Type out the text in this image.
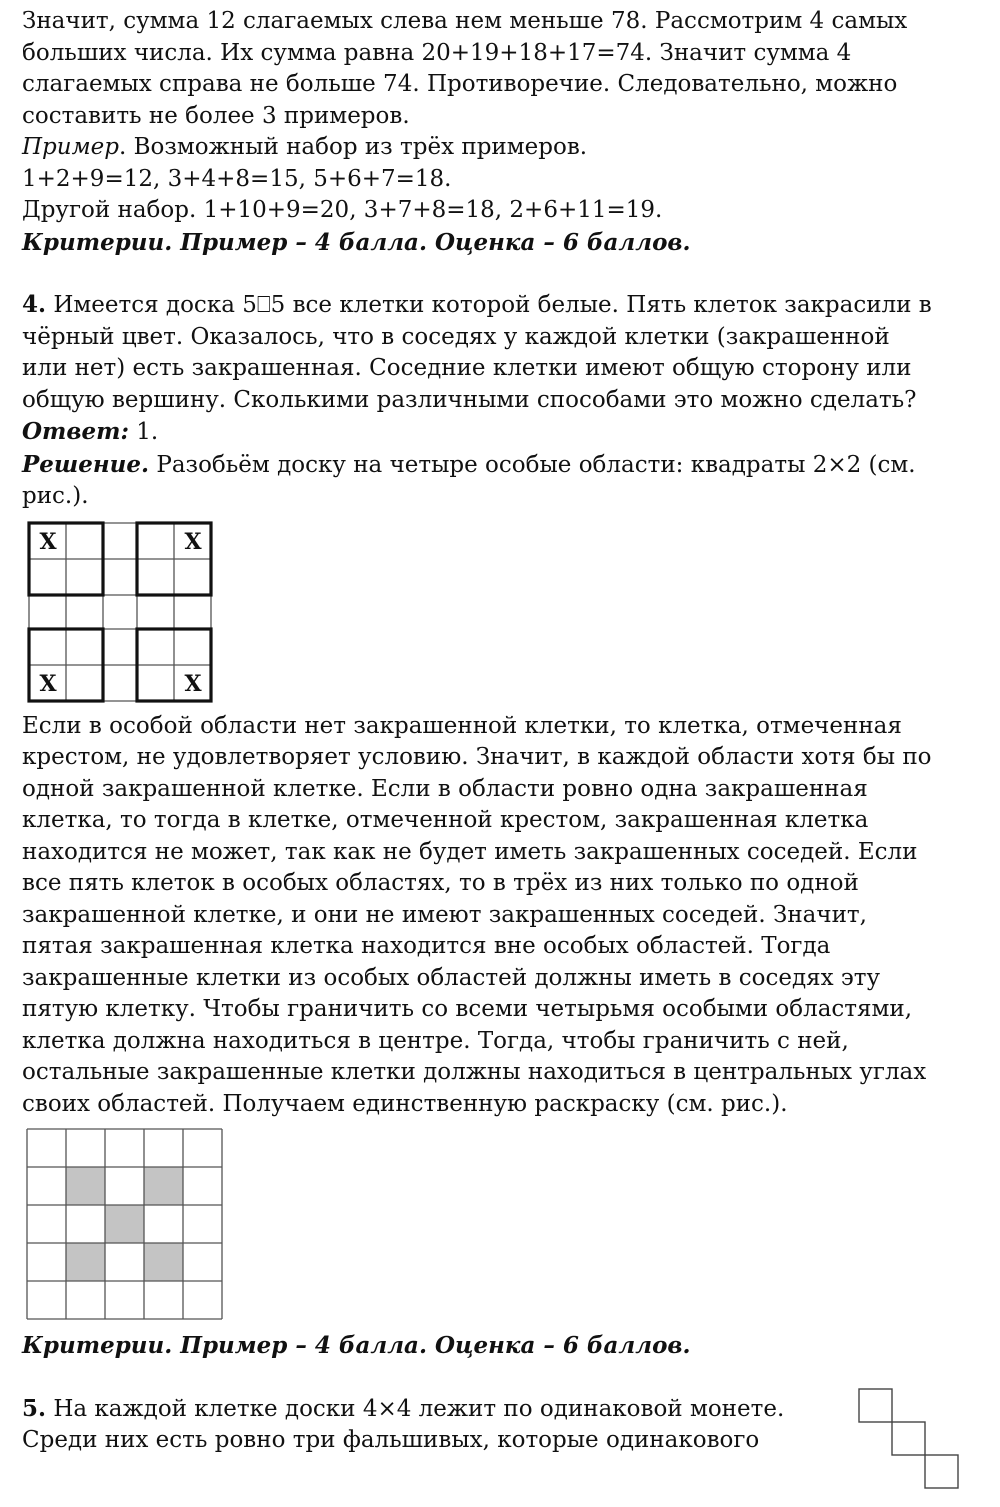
Значит, сумма 12 слагаемых слева нем меньше 78. Рассмотрим 4 самых

больших числа. Их сумма равна 20+19+18+17=74. Значит сумма 4

слагаемых справа не больше 74. Противоречие. Следовательно, можно

составить не более 3 примеров.

Пример. Возможный набор из трёх примеров.

1+2+9=12, 3+4+8=15, 5+6+7=18.

Другой набор. 1+10+9=20, 3+7+8=18, 2+6+11=19.

Критерии. Пример – 4 балла. Оценка – 6 баллов.

4. Имеется доска 5⎕5 все клетки которой белые. Пять клеток закрасили в

чёрный цвет. Оказалось, что в соседях у каждой клетки (закрашенной

или нет) есть закрашенная. Соседние клетки имеют общую сторону или

общую вершину. Сколькими различными способами это можно сделать?

Ответ: 1.

Решение. Разобьём доску на четыре особые области: квадраты 2×2 (см.

рис.).

X	X
X	X

Если в особой области нет закрашенной клетки, то клетка, отмеченная

крестом, не удовлетворяет условию. Значит, в каждой области хотя бы по

одной закрашенной клетке. Если в области ровно одна закрашенная

клетка, то тогда в клетке, отмеченной крестом, закрашенная клетка

находится не может, так как не будет иметь закрашенных соседей. Если

все пять клеток в особых областях, то в трёх из них только по одной

закрашенной клетке, и они не имеют закрашенных соседей. Значит,

пятая закрашенная клетка находится вне особых областей. Тогда

закрашенные клетки из особых областей должны иметь в соседях эту

пятую клетку. Чтобы граничить со всеми четырьмя особыми областями,

клетка должна находиться в центре. Тогда, чтобы граничить с ней,

остальные закрашенные клетки должны находиться в центральных углах

своих областей. Получаем единственную раскраску (см. рис.).

Критерии. Пример – 4 балла. Оценка – 6 баллов.

5. На каждой клетке доски 4×4 лежит по одинаковой монете.

Среди них есть ровно три фальшивых, которые одинакового
